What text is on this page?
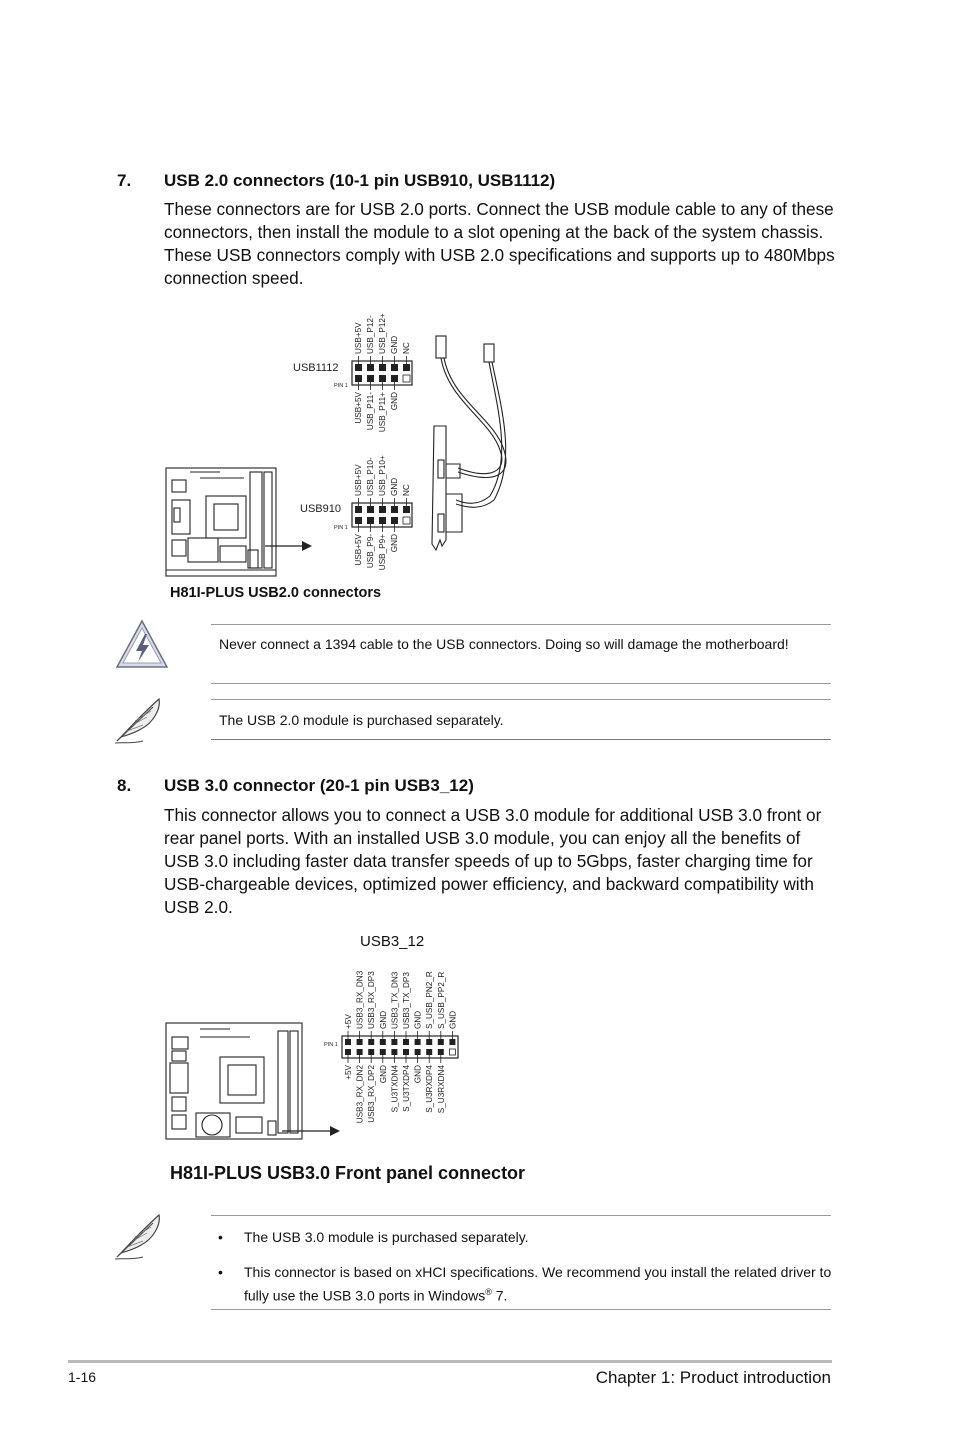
7. USB 2.0 connectors (10-1 pin USB910, USB1112)
These connectors are for USB 2.0 ports. Connect the USB module cable to any of these connectors, then install the module to a slot opening at the back of the system chassis. These USB connectors comply with USB 2.0 specifications and supports up to 480Mbps connection speed.
USB1112
PIN 1
USB+5V USB_P12- USB_P12+ GND NC
USB+5V USB_P11- USB_P11+ GND
USB910
PIN 1
USB+5V USB_P10- USB_P10+ GND NC
USB+5V USB_P9- USB_P9+ GND
H81I-PLUS USB2.0 connectors
Never connect a 1394 cable to the USB connectors. Doing so will damage the motherboard!
The USB 2.0 module is purchased separately.
8. USB 3.0 connector (20-1 pin USB3_12)
This connector allows you to connect a USB 3.0 module for additional USB 3.0 front or rear panel ports. With an installed USB 3.0 module, you can enjoy all the benefits of USB 3.0 including faster data transfer speeds of up to 5Gbps, faster charging time for USB-chargeable devices, optimized power efficiency, and backward compatibility with USB 2.0.
USB3_12
PIN 1
+5V USB3_RX_DN3 USB3_RX_DP3 GND USB3_TX_DN3 USB3_TX_DP3 GND S_USB_PN2_R S_USB_PP2_R GND
+5V USB3_RX_DN2 USB3_RX_DP2 GND S_U3TXDN4 S_U3TXDP4 GND S_U3RXDP4 S_U3RXDN4
H81I-PLUS USB3.0 Front panel connector
• The USB 3.0 module is purchased separately.
• This connector is based on xHCI specifications. We recommend you install the related driver to fully use the USB 3.0 ports in Windows® 7.
1-16	Chapter 1: Product introduction
